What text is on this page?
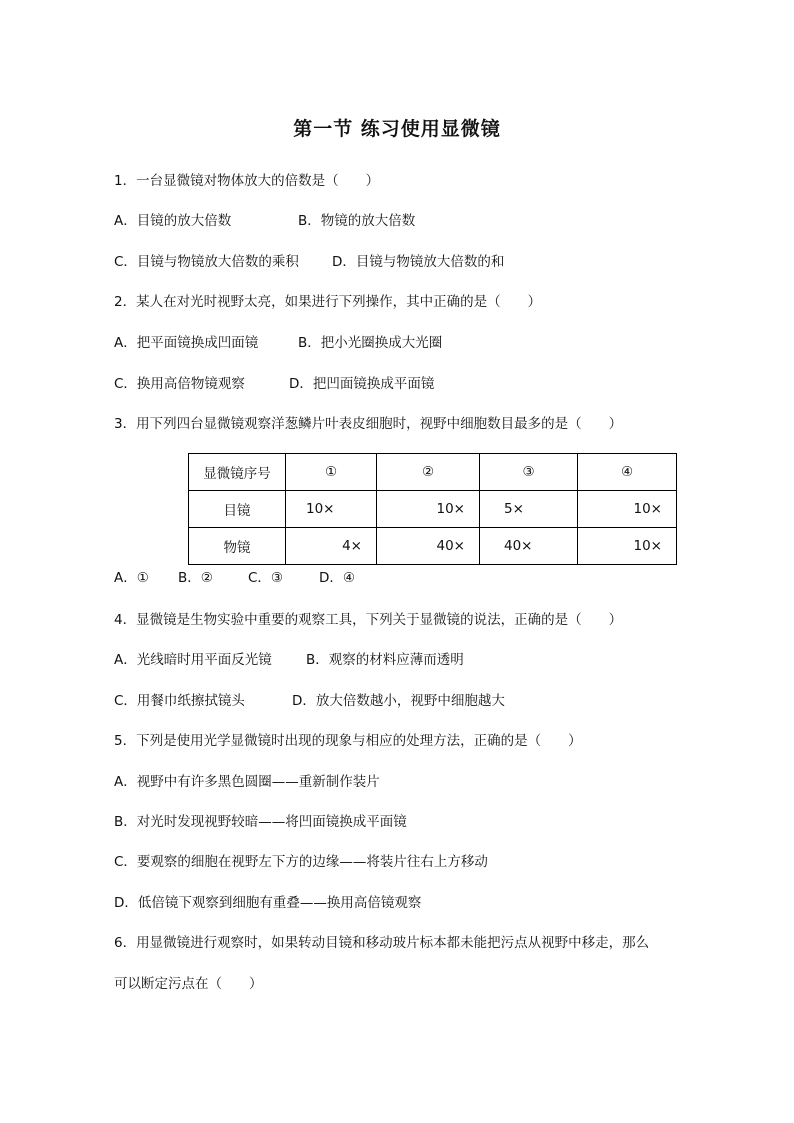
第一节 练习使用显微镜
1．一台显微镜对物体放大的倍数是（　　）
A．目镜的放大倍数	B．物镜的放大倍数
C．目镜与物镜放大倍数的乘积 D．目镜与物镜放大倍数的和
2．某人在对光时视野太亮，如果进行下列操作，其中正确的是（　　）
A．把平面镜换成凹面镜	B．把小光圈换成大光圈
C．换用高倍物镜观察	D．把凹面镜换成平面镜
3．用下列四台显微镜观察洋葱鳞片叶表皮细胞时，视野中细胞数目最多的是（　　）
显微镜序号	①	②	③	④
目镜	10×	10×	5×	10×
物镜	4×	40×	40×	10×
A．① B．②	C．③	D．④
4．显微镜是生物实验中重要的观察工具，下列关于显微镜的说法，正确的是（　　）
A．光线暗时用平面反光镜	B．观察的材料应薄而透明
C．用餐巾纸擦拭镜头	D．放大倍数越小，视野中细胞越大
5．下列是使用光学显微镜时出现的现象与相应的处理方法，正确的是（　　）
A．视野中有许多黑色圆圈——重新制作装片
B．对光时发现视野较暗——将凹面镜换成平面镜
C．要观察的细胞在视野左下方的边缘——将装片往右上方移动
D．低倍镜下观察到细胞有重叠——换用高倍镜观察
6．用显微镜进行观察时，如果转动目镜和移动玻片标本都未能把污点从视野中移走，那么
可以断定污点在（　　）
